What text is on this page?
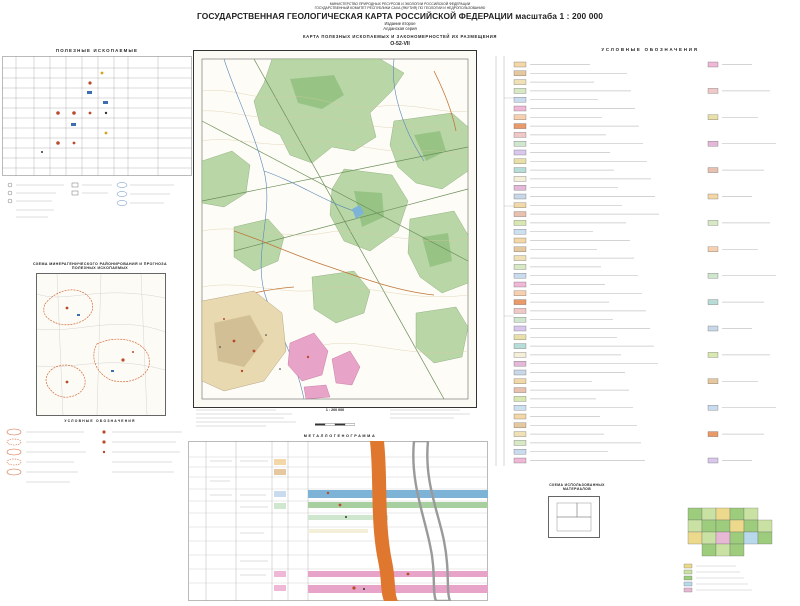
МИНИСТЕРСТВО ПРИРОДНЫХ РЕСУРСОВ И ЭКОЛОГИИ РОССИЙСКОЙ ФЕДЕРАЦИИ
ГОСУДАРСТВЕННЫЙ КОМИТЕТ РЕСПУБЛИКИ САХА (ЯКУТИЯ) ПО ГЕОЛОГИИ И НЕДРОПОЛЬЗОВАНИЮ
ГОСУДАРСТВЕННАЯ ГЕОЛОГИЧЕСКАЯ КАРТА РОССИЙСКОЙ ФЕДЕРАЦИИ масштаба 1 : 200 000
Издание второе
Алданская серия
КАРТА ПОЛЕЗНЫХ ИСКОПАЕМЫХ И ЗАКОНОМЕРНОСТЕЙ ИХ РАЗМЕЩЕНИЯ
O-52-VII
ПОЛЕЗНЫЕ ИСКОПАЕМЫЕ
СХЕМА МИНЕРАГЕНИЧЕСКОГО РАЙОНИРОВАНИЯ И ПРОГНОЗА ПОЛЕЗНЫХ ИСКОПАЕМЫХ
УСЛОВНЫЕ ОБОЗНАЧЕНИЯ
1 : 200 000
МЕТАЛЛОГЕНОГРАММА
УСЛОВНЫЕ ОБОЗНАЧЕНИЯ
СХЕМА ИСПОЛЬЗОВАННЫХ МАТЕРИАЛОВ
